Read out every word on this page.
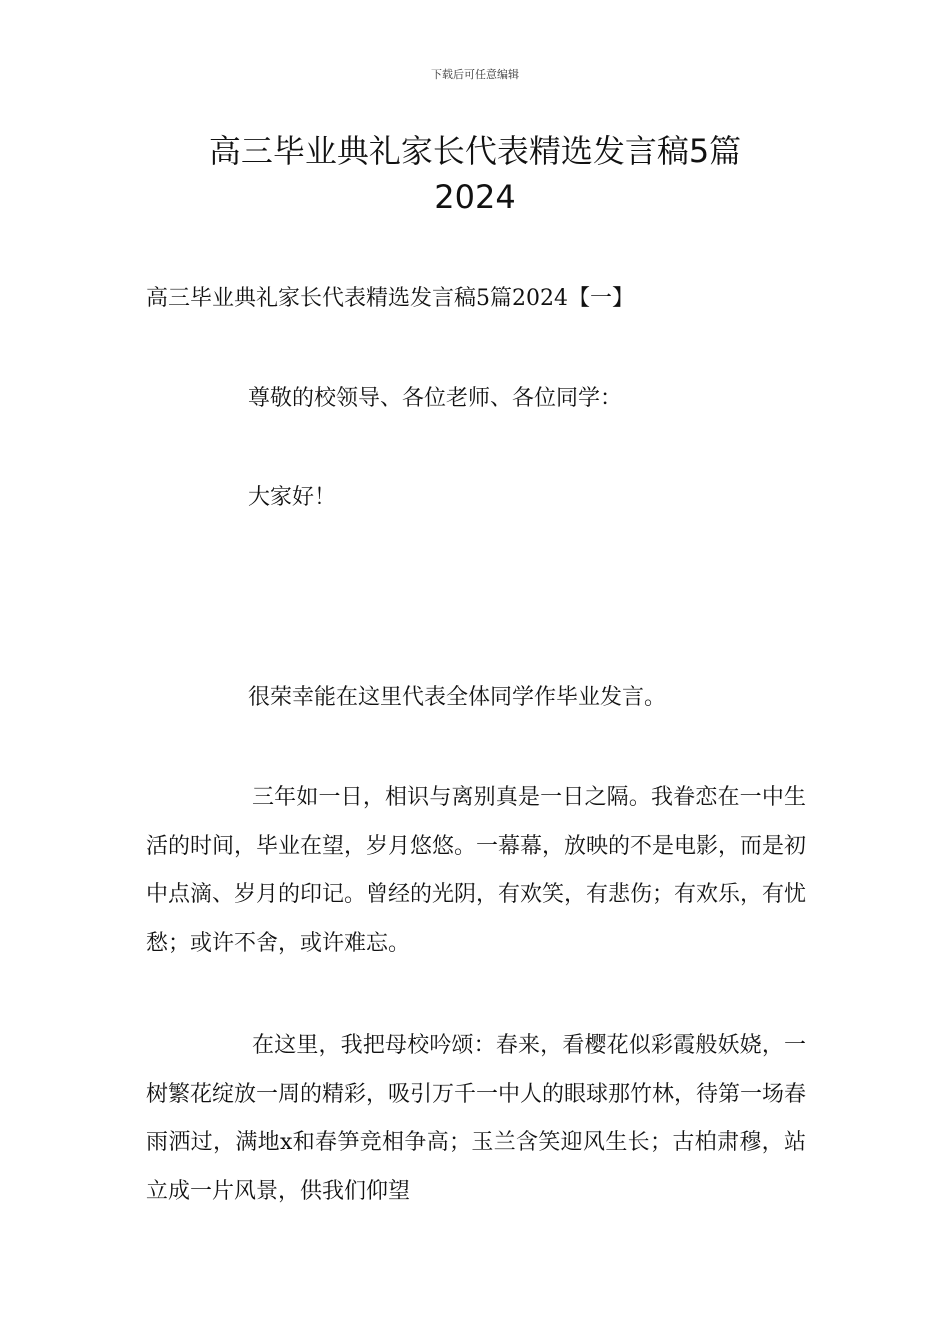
下载后可任意编辑
高三毕业典礼家长代表精选发言稿5篇
2024
高三毕业典礼家长代表精选发言稿5篇2024【一】
尊敬的校领导、各位老师、各位同学：
大家好！
很荣幸能在这里代表全体同学作毕业发言。

三年如一日，相识与离别真是一日之隔。我眷恋在一中生活的时间，毕业在望，岁月悠悠。一幕幕，放映的不是电影，而是初中点滴、岁月的印记。曾经的光阴，有欢笑，有悲伤；有欢乐，有忧愁；或许不舍，或许难忘。

在这里，我把母校吟颂：春来，看樱花似彩霞般妖娆，一树繁花绽放一周的精彩，吸引万千一中人的眼球那竹林，待第一场春雨洒过，满地x和春笋竞相争高；玉兰含笑迎风生长；古柏肃穆，站立成一片风景，供我们仰望
